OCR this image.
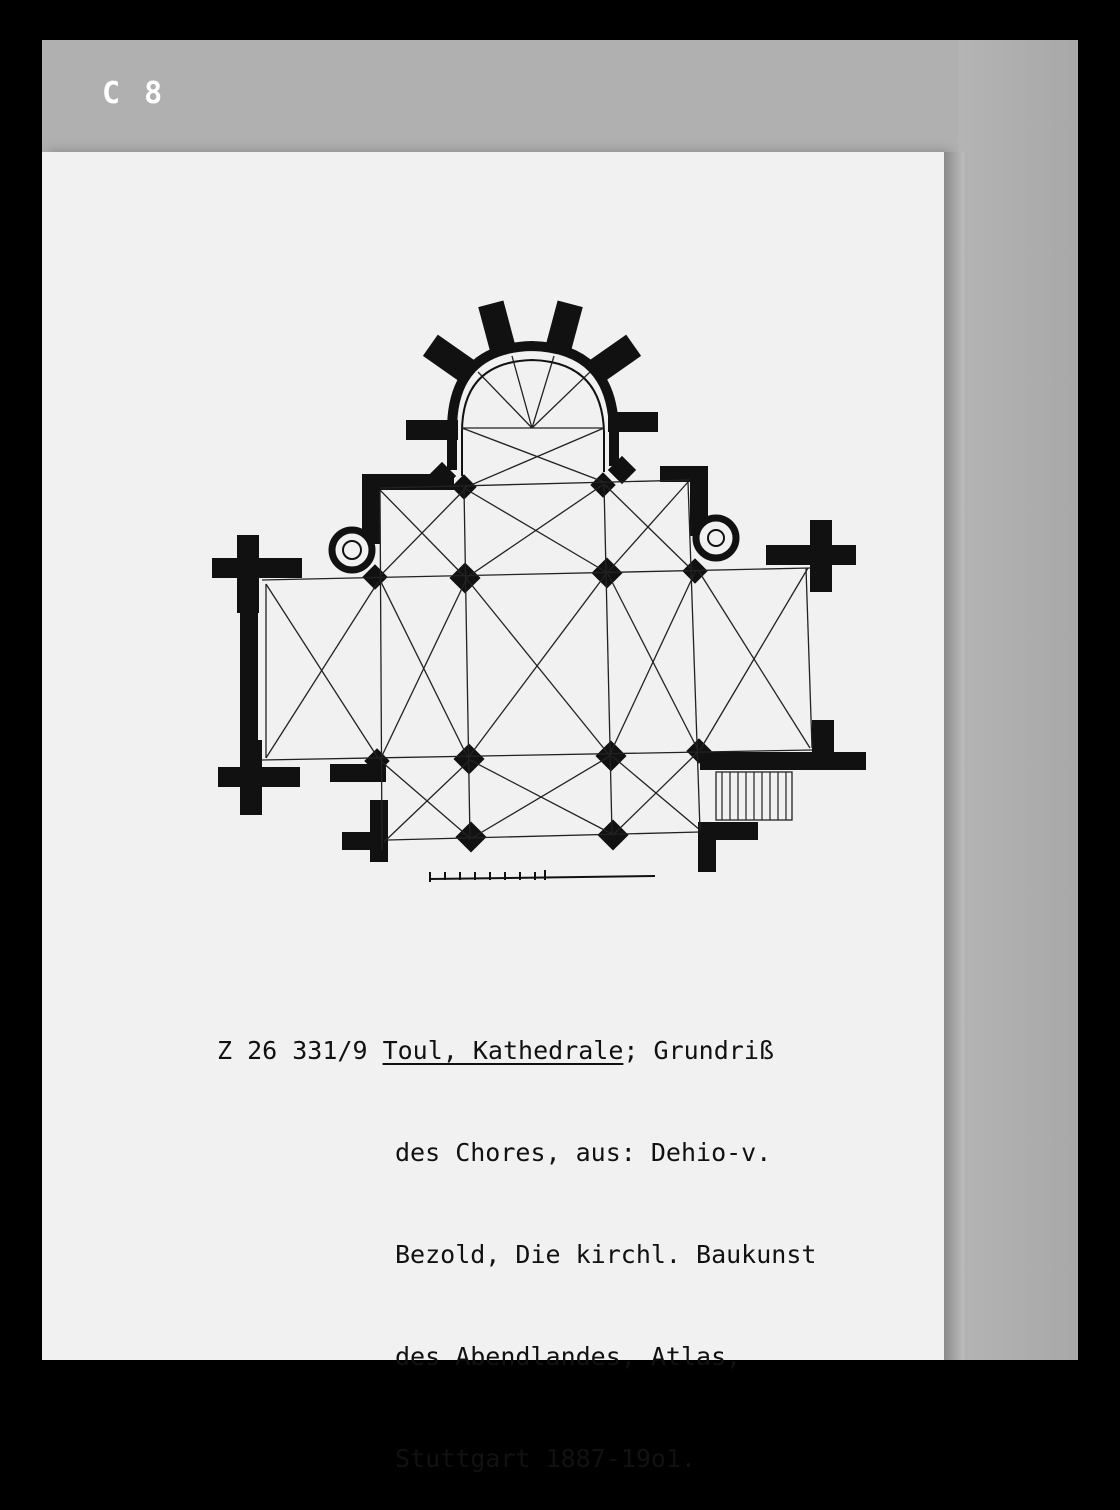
C 8

Z 26 331/9 Toul, Kathedrale; Grundriß

des Chores, aus: Dehio-v.

Bezold, Die kirchl. Baukunst

des Abendlandes, Atlas,

Stuttgart 1887-19o1.
